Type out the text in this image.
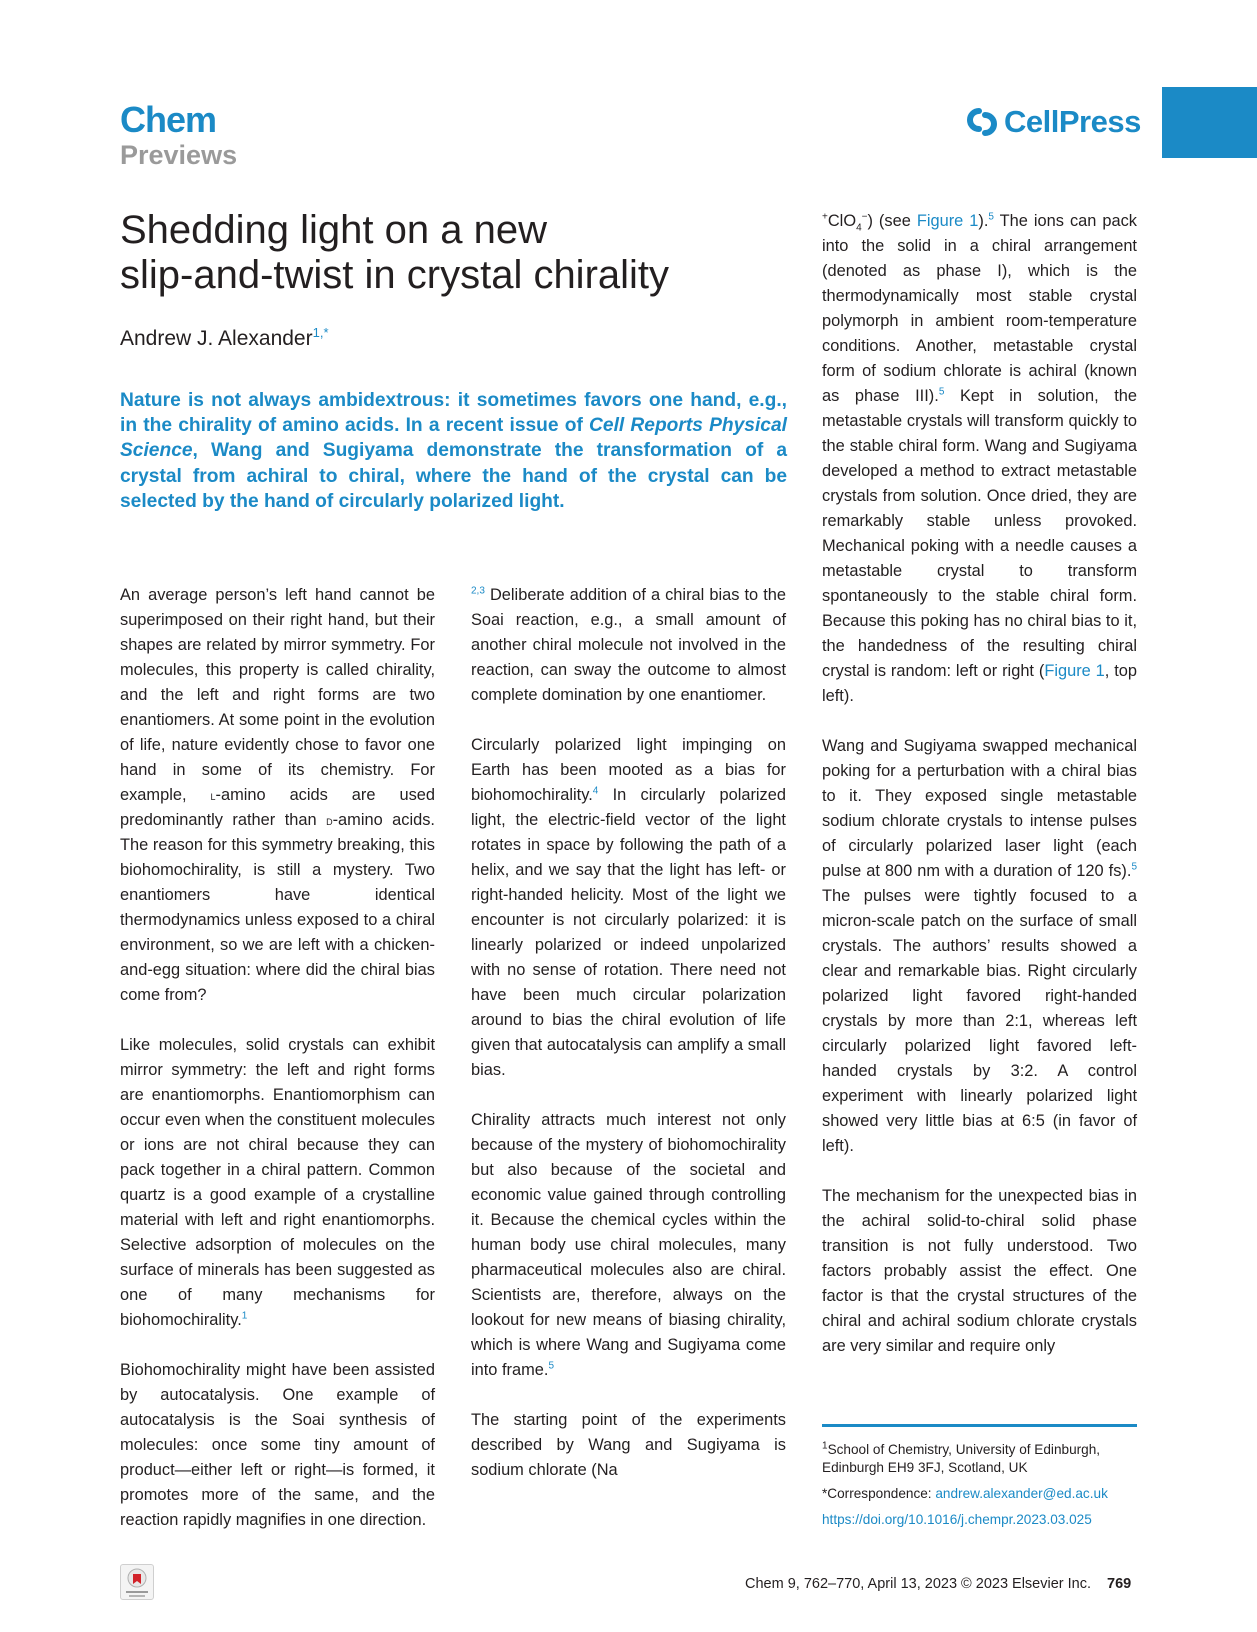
Chem
Previews
CellPress
Shedding light on a new
slip-and-twist in crystal chirality
Andrew J. Alexander$^{1,*}$

Nature is not always ambidextrous: it sometimes favors one hand, e.g., in the chirality of amino acids. In a recent issue of Cell Reports Physical Science, Wang and Sugiyama demonstrate the transformation of a crystal from achiral to chiral, where the hand of the crystal can be selected by the hand of circularly polarized light.

An average person’s left hand cannot be superimposed on their right hand, but their shapes are related by mirror symmetry. For molecules, this property is called chirality, and the left and right forms are two enantiomers. At some point in the evolution of life, nature evidently chose to favor one hand in some of its chemistry. For example, l-amino acids are used predominantly rather than d-amino acids. The reason for this symmetry breaking, this biohomochirality, is still a mystery. Two enantiomers have identical thermodynamics unless exposed to a chiral environment, so we are left with a chicken-and-egg situation: where did the chiral bias come from?

Like molecules, solid crystals can exhibit mirror symmetry: the left and right forms are enantiomorphs. Enantiomorphism can occur even when the constituent molecules or ions are not chiral because they can pack together in a chiral pattern. Common quartz is a good example of a crystalline material with left and right enantiomorphs. Selective adsorption of molecules on the surface of minerals has been suggested as one of many mechanisms for biohomochirality.$^1$

Biohomochirality might have been assisted by autocatalysis. One example of autocatalysis is the Soai synthesis of molecules: once some tiny amount of product—either left or right—is formed, it promotes more of the same, and the reaction rapidly magnifies in one direction.

$^{2,3}$ Deliberate addition of a chiral bias to the Soai reaction, e.g., a small amount of another chiral molecule not involved in the reaction, can sway the outcome to almost complete domination by one enantiomer.

Circularly polarized light impinging on Earth has been mooted as a bias for biohomochirality.$^4$ In circularly polarized light, the electric-field vector of the light rotates in space by following the path of a helix, and we say that the light has left- or right-handed helicity. Most of the light we encounter is not circularly polarized: it is linearly polarized or indeed unpolarized with no sense of rotation. There need not have been much circular polarization around to bias the chiral evolution of life given that autocatalysis can amplify a small bias.

Chirality attracts much interest not only because of the mystery of biohomochirality but also because of the societal and economic value gained through controlling it. Because the chemical cycles within the human body use chiral molecules, many pharmaceutical molecules also are chiral. Scientists are, therefore, always on the lookout for new means of biasing chirality, which is where Wang and Sugiyama come into frame.$^5$

The starting point of the experiments described by Wang and Sugiyama is sodium chlorate (Na

+ClO$_4$−) (see Figure 1).$^5$ The ions can pack into the solid in a chiral arrangement (denoted as phase I), which is the thermodynamically most stable crystal polymorph in ambient room-temperature conditions. Another, metastable crystal form of sodium chlorate is achiral (known as phase III).$^5$ Kept in solution, the metastable crystals will transform quickly to the stable chiral form. Wang and Sugiyama developed a method to extract metastable crystals from solution. Once dried, they are remarkably stable unless provoked. Mechanical poking with a needle causes a metastable crystal to transform spontaneously to the stable chiral form. Because this poking has no chiral bias to it, the handedness of the resulting chiral crystal is random: left or right (Figure 1, top left).

Wang and Sugiyama swapped mechanical poking for a perturbation with a chiral bias to it. They exposed single metastable sodium chlorate crystals to intense pulses of circularly polarized laser light (each pulse at 800 nm with a duration of 120 fs).$^5$ The pulses were tightly focused to a micron-scale patch on the surface of small crystals. The authors’ results showed a clear and remarkable bias. Right circularly polarized light favored right-handed crystals by more than 2:1, whereas left circularly polarized light favored left-handed crystals by 3:2. A control experiment with linearly polarized light showed very little bias at 6:5 (in favor of left).

The mechanism for the unexpected bias in the achiral solid-to-chiral solid phase transition is not fully understood. Two factors probably assist the effect. One factor is that the crystal structures of the chiral and achiral sodium chlorate crystals are very similar and require only

$^1$School of Chemistry, University of Edinburgh, Edinburgh EH9 3FJ, Scotland, UK
*Correspondence: andrew.alexander@ed.ac.uk
https://doi.org/10.1016/j.chempr.2023.03.025
Chem 9, 762–770, April 13, 2023 © 2023 Elsevier Inc. 769
